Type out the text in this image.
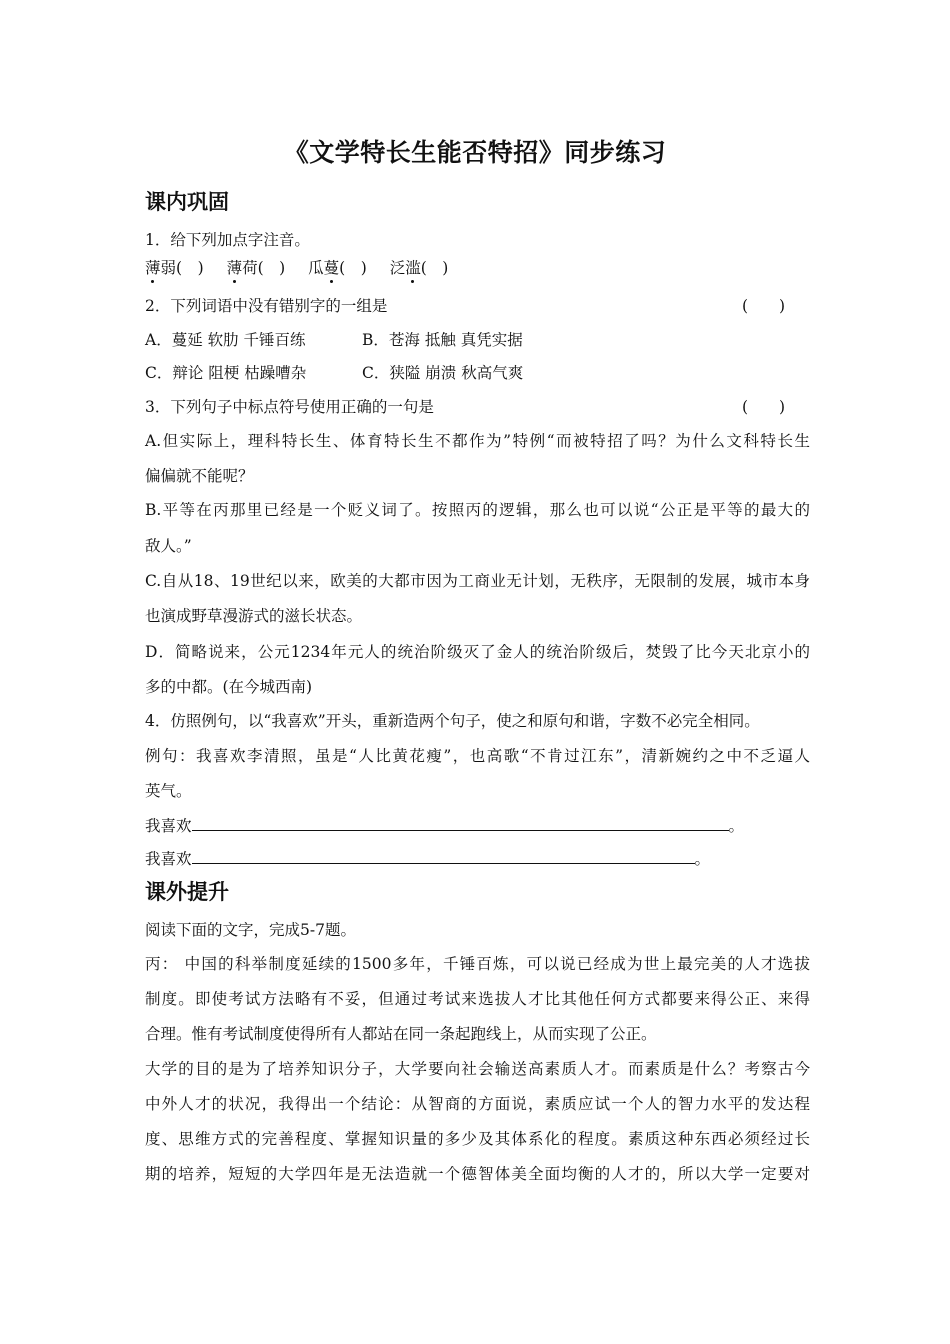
《文学特长生能否特招》同步练习
课内巩固
1．给下列加点字注音。
薄弱(　) 薄荷(　) 瓜蔓(　) 泛滥(　)
2．下列词语中没有错别字的一组是	(　　)
A．蔓延 软肋 千锤百练	B．苍海 抵触 真凭实据
C．辩论 阻梗 枯躁嘈杂	C．狭隘 崩溃 秋高气爽
3．下列句子中标点符号使用正确的一句是	(　　)
A.但实际上，理科特长生、体育特长生不都作为”特例“而被特招了吗？为什么文科特长生
偏偏就不能呢？
B.平等在丙那里已经是一个贬义词了。按照丙的逻辑，那么也可以说“公正是平等的最大的
敌人。”
C.自从18、19世纪以来，欧美的大都市因为工商业无计划，无秩序，无限制的发展，城市本身
也演成野草漫游式的滋长状态。
D．简略说来，公元1234年元人的统治阶级灭了金人的统治阶级后，焚毁了比今天北京小的
多的中都。(在今城西南)
4．仿照例句，以“我喜欢”开头，重新造两个句子，使之和原句和谐，字数不必完全相同。
例句：我喜欢李清照，虽是“人比黄花瘦”，也高歌“不肯过江东”，清新婉约之中不乏逼人
英气。
我喜欢	。
我喜欢	。
课外提升
阅读下面的文字，完成5-7题。
丙： 中国的科举制度延续的1500多年，千锤百炼，可以说已经成为世上最完美的人才选拔
制度。即使考试方法略有不妥，但通过考试来选拔人才比其他任何方式都要来得公正、来得
合理。惟有考试制度使得所有人都站在同一条起跑线上，从而实现了公正。
大学的目的是为了培养知识分子，大学要向社会输送高素质人才。而素质是什么？考察古今
中外人才的状况，我得出一个结论：从智商的方面说，素质应试一个人的智力水平的发达程
度、思维方式的完善程度、掌握知识量的多少及其体系化的程度。素质这种东西必须经过长
期的培养，短短的大学四年是无法造就一个德智体美全面均衡的人才的，所以大学一定要对
